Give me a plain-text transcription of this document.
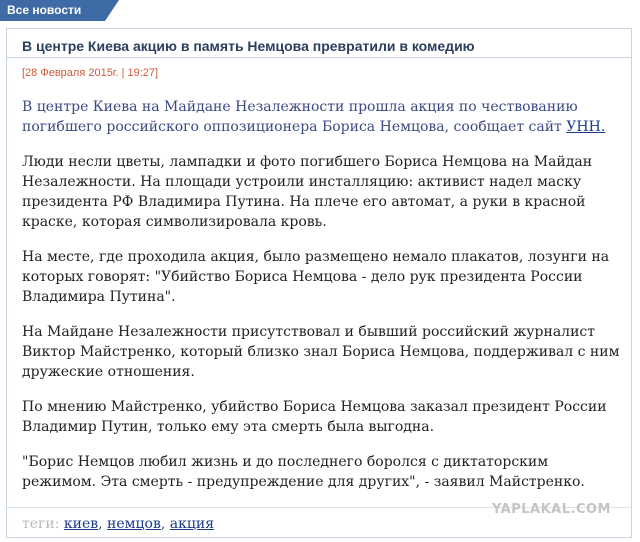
Все новости
В центре Киева акцию в память Немцова превратили в комедию
[28 Февраля 2015г. | 19:27]

В центре Киева на Майдане Незалежности прошла акция по чествованию погибшего российского оппозиционера Бориса Немцова, сообщает сайт УНН.

Люди несли цветы, лампадки и фото погибшего Бориса Немцова на Майдан Незалежности. На площади устроили инсталляцию: активист надел маску президента РФ Владимира Путина. На плече его автомат, а руки в красной краске, которая символизировала кровь.

На месте, где проходила акция, было размещено немало плакатов, лозунги на которых говорят: "Убийство Бориса Немцова - дело рук президента России Владимира Путина".

На Майдане Незалежности присутствовал и бывший российский журналист Виктор Майстренко, который близко знал Бориса Немцова, поддерживал с ним дружеские отношения.

По мнению Майстренко, убийство Бориса Немцова заказал президент России Владимир Путин, только ему эта смерть была выгодна.

"Борис Немцов любил жизнь и до последнего боролся с диктаторским режимом. Эта смерть - предупреждение для других", - заявил Майстренко.

YAPLAKAL.COM
теги: киев, немцов, акция
